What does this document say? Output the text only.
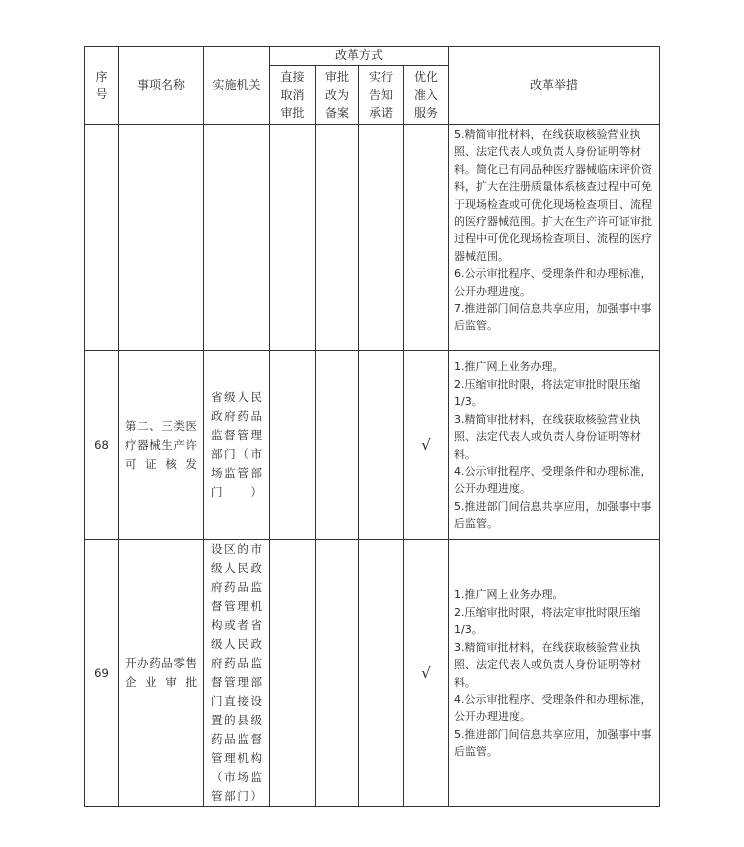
序号	事项名称	实施机关	改革方式				改革举措

			直接取消审批	审批改为备案	实行告知承诺	优化准入服务	

							5.精简审批材料，在线获取核验营业执照、法定代表人或负责人身份证明等材料。简化已有同品种医疗器械临床评价资料，扩大在注册质量体系核查过程中可免于现场检查或可优化现场检查项目、流程的医疗器械范围。扩大在生产许可证审批过程中可优化现场检查项目、流程的医疗器械范围。

6.公示审批程序、受理条件和办理标准，公开办理进度。

7.推进部门间信息共享应用，加强事中事后监管。

68	第二、三类医疗器械生产许可证核发	省级人民政府药品监督管理部门（市场监管部门）				√	1.推广网上业务办理。

2.压缩审批时限，将法定审批时限压缩1/3。

3.精简审批材料，在线获取核验营业执照、法定代表人或负责人身份证明等材料。

4.公示审批程序、受理条件和办理标准，公开办理进度。

5.推进部门间信息共享应用，加强事中事后监管。

69	开办药品零售企业审批	设区的市级人民政府药品监督管理机构或者省级人民政府药品监督管理部门直接设置的县级药品监督管理机构（市场监管部门）				√	1.推广网上业务办理。

2.压缩审批时限，将法定审批时限压缩1/3。

3.精简审批材料，在线获取核验营业执照、法定代表人或负责人身份证明等材料。

4.公示审批程序、受理条件和办理标准，公开办理进度。

5.推进部门间信息共享应用，加强事中事后监管。
